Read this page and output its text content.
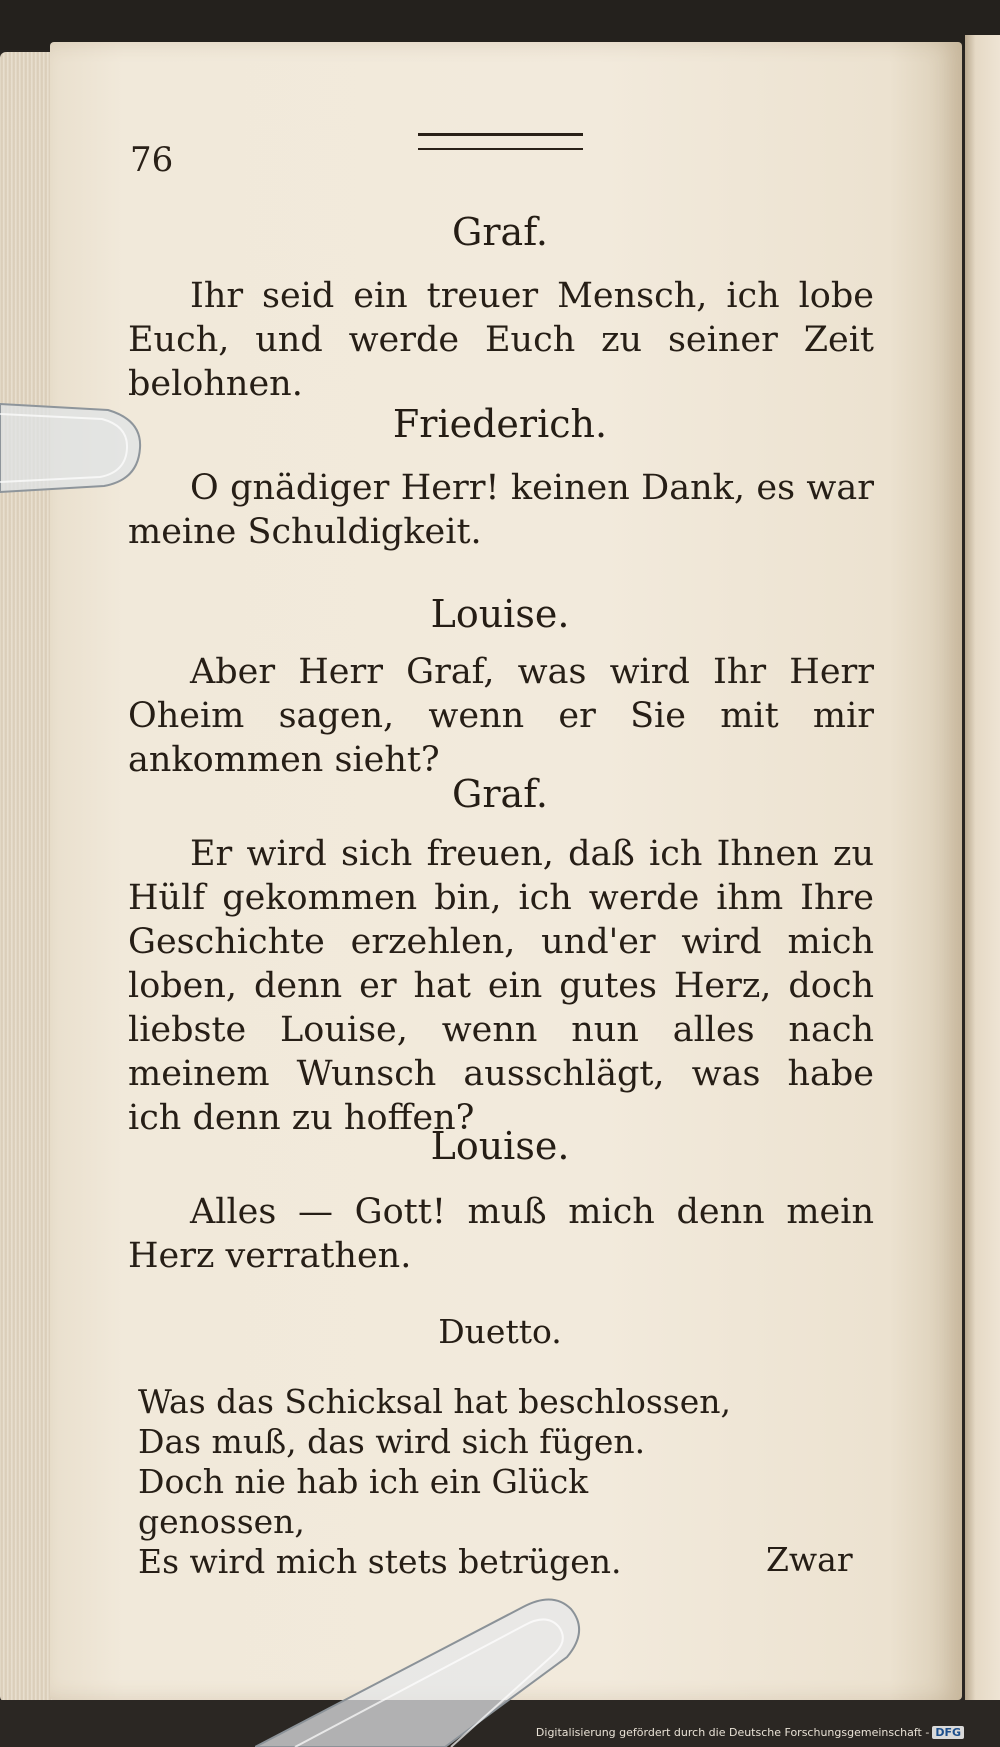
76
Graf.

Ihr seid ein treuer Mensch, ich lobe Euch, und werde Euch zu seiner Zeit belohnen.

Friederich.

O gnädiger Herr! keinen Dank, es war meine Schuldigkeit.

Louise.

Aber Herr Graf, was wird Ihr Herr Oheim sagen, wenn er Sie mit mir ankommen sieht?

Graf.

Er wird sich freuen, daß ich Ihnen zu Hülf gekommen bin, ich werde ihm Ihre Geschichte erzehlen, und'er wird mich loben, denn er hat ein gutes Herz, doch liebste Louise, wenn nun alles nach meinem Wunsch ausschlägt, was habe ich denn zu hoffen?

Louise.

Alles — Gott! muß mich denn mein Herz verrathen.

Duetto.
Was das Schicksal hat beschlossen,
Das muß, das wird sich fügen.
Doch nie hab ich ein Glück genossen,
Es wird mich stets betrügen.	Zwar
Digitalisierung gefördert durch die Deutsche Forschungsgemeinschaft - DFG
